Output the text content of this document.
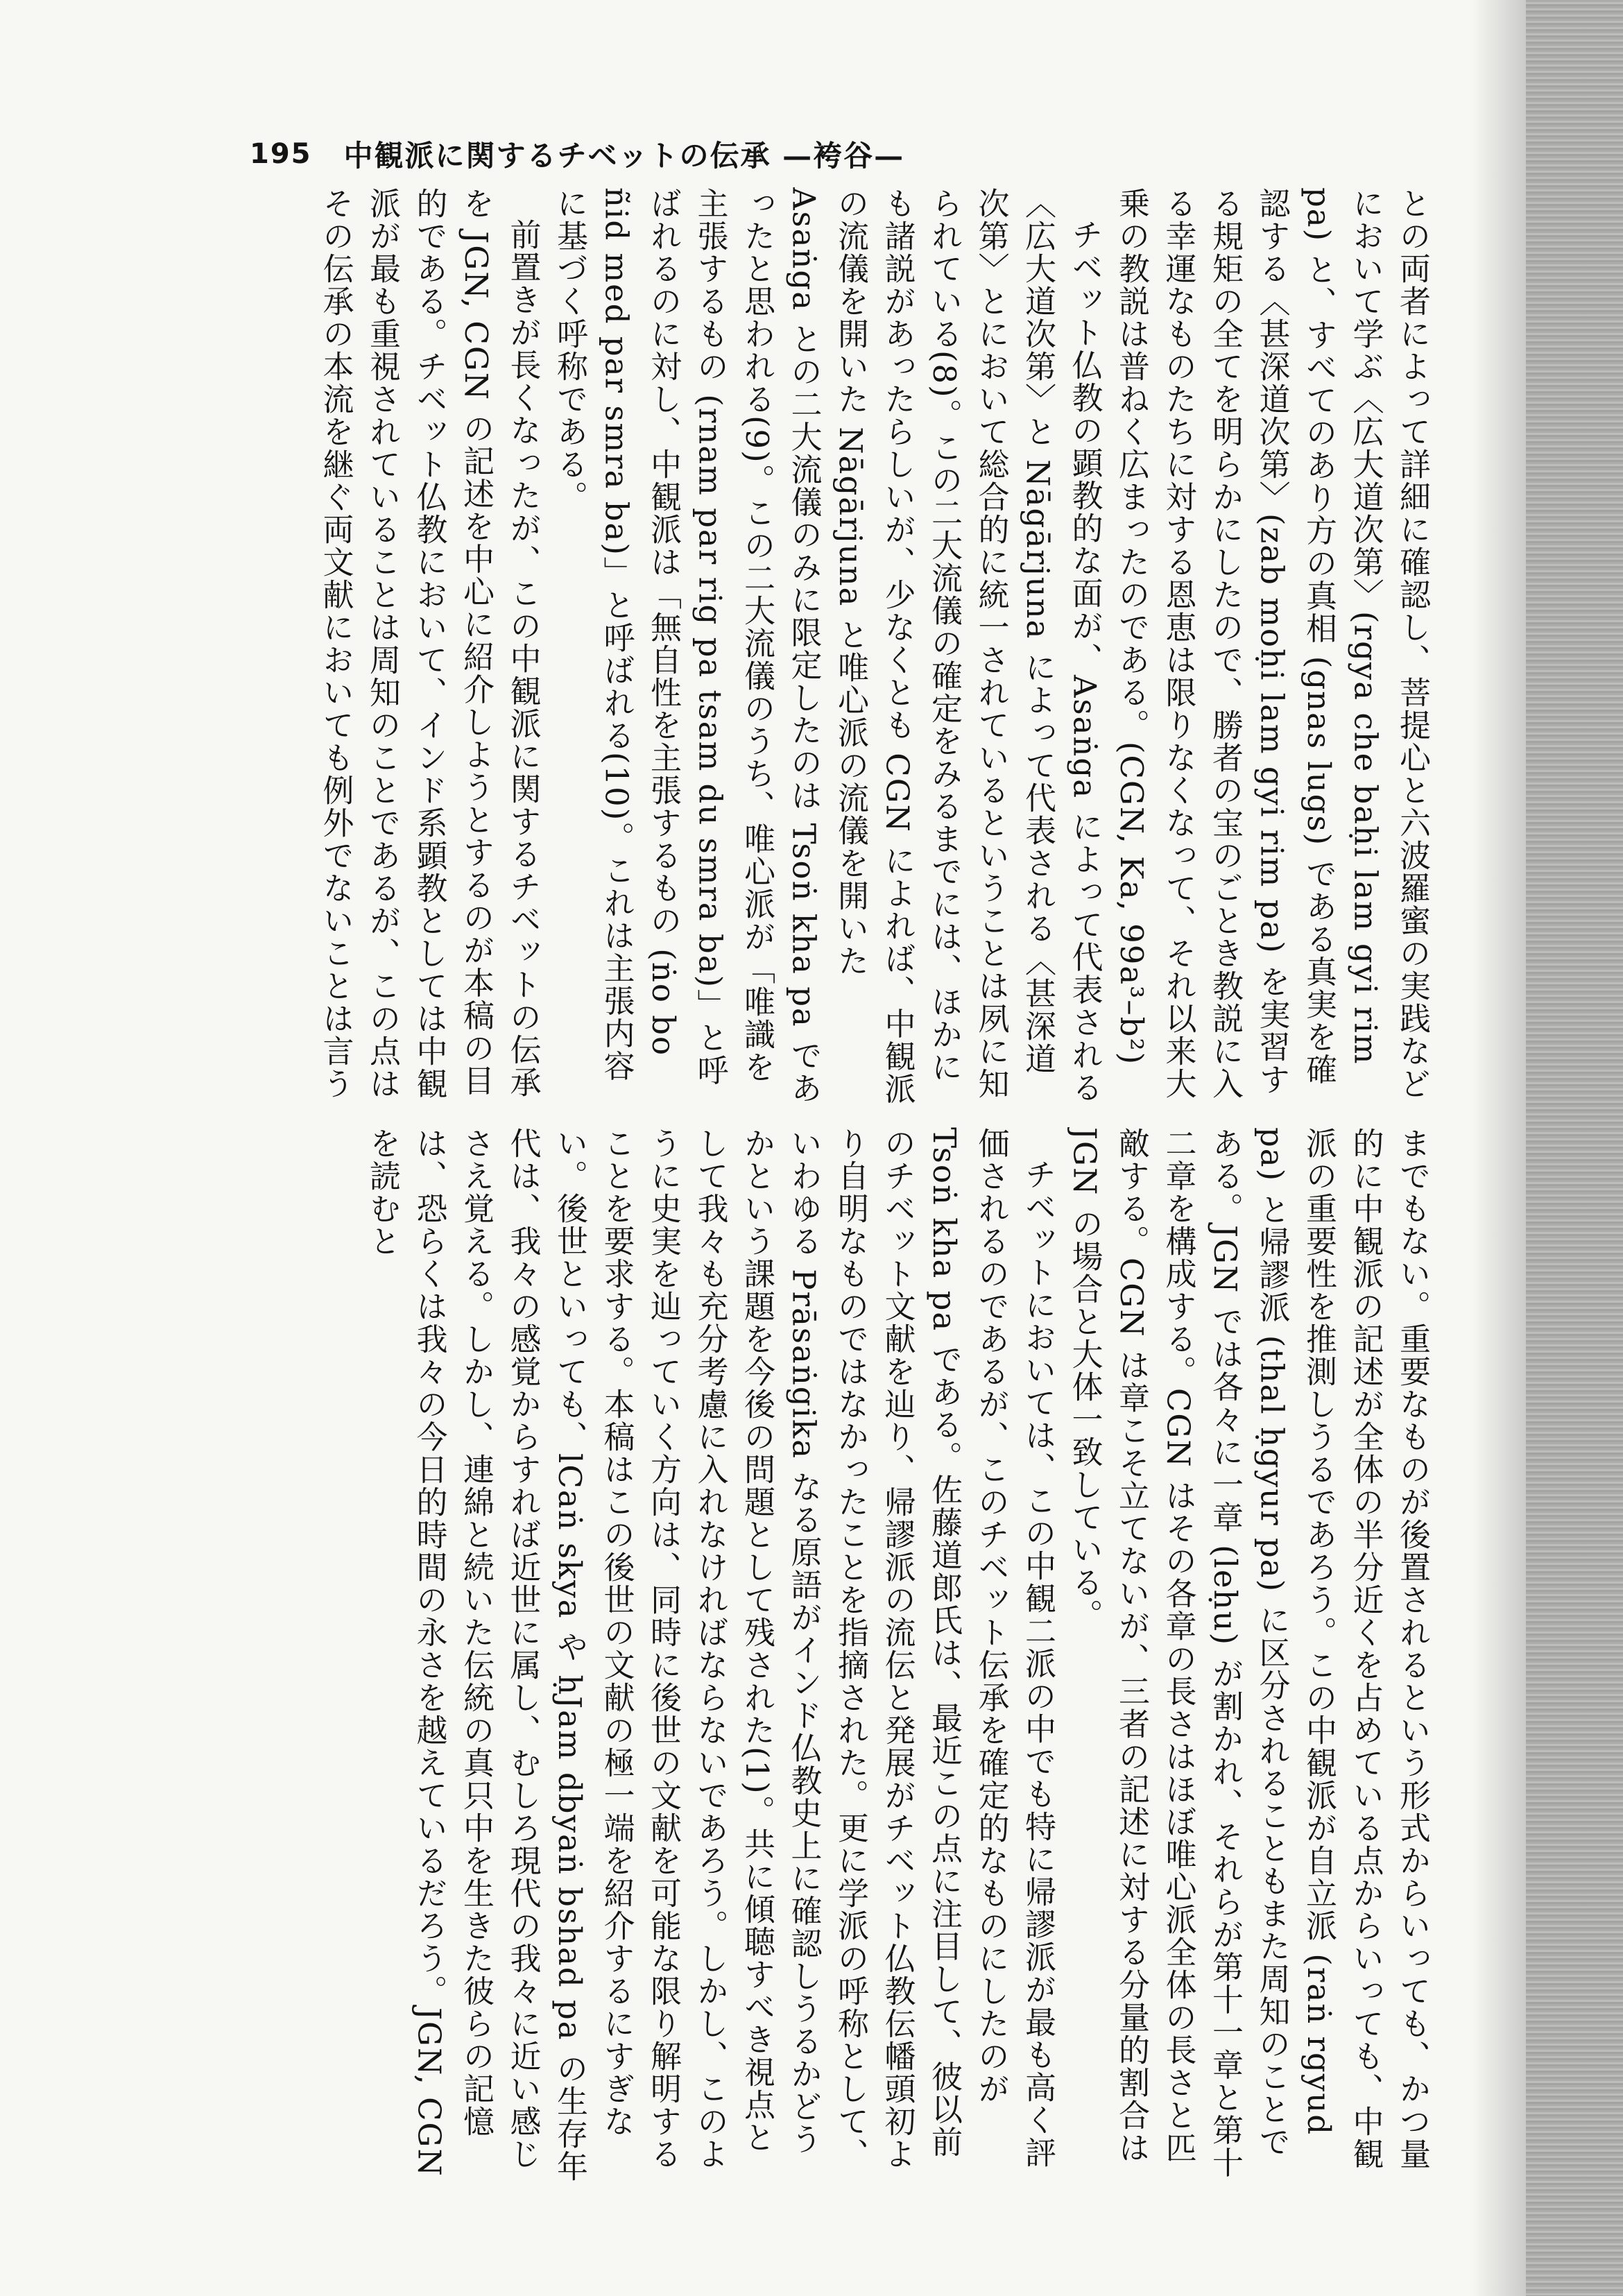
195 中観派に関するチベットの伝承 —袴谷—

との両者によって詳細に確認し、菩提心と六波羅蜜の実践などにおいて学ぶ〈広大道次第〉(rgya che baḥi lam gyi rim pa) と、すべてのあり方の真相 (gnas lugs) である真実を確認する〈甚深道次第〉(zab moḥi lam gyi rim pa) を実習する規矩の全てを明らかにしたので、勝者の宝のごとき教説に入る幸運なものたちに対する恩恵は限りなくなって、それ以来大乗の教説は普ねく広まったのである。(CGN, Ka, 99a³–b²)

チベット仏教の顕教的な面が、Asaṅga によって代表される〈広大道次第〉と Nāgārjuna によって代表される〈甚深道次第〉とにおいて総合的に統一されているということは夙に知られている(8)。この二大流儀の確定をみるまでには、ほかにも諸説があったらしいが、少なくとも CGN によれば、中観派の流儀を開いた Nāgārjuna と唯心派の流儀を開いた Asaṅga との二大流儀のみに限定したのは Tsoṅ kha pa であったと思われる(9)。この二大流儀のうち、唯心派が「唯識を主張するもの (rnam par rig pa tsam du smra ba)」と呼ばれるのに対し、中観派は「無自性を主張するもの (ṅo bo ñid med par smra ba)」と呼ばれる(10)。これは主張内容に基づく呼称である。

前置きが長くなったが、この中観派に関するチベットの伝承を JGN, CGN の記述を中心に紹介しようとするのが本稿の目的である。チベット仏教において、インド系顕教としては中観派が最も重視されていることは周知のことであるが、この点はその伝承の本流を継ぐ両文献においても例外でないことは言う

までもない。重要なものが後置されるという形式からいっても、かつ量的に中観派の記述が全体の半分近くを占めている点からいっても、中観派の重要性を推測しうるであろう。この中観派が自立派 (raṅ rgyud pa) と帰謬派 (thal ḥgyur pa) に区分されることもまた周知のことである。JGN では各々に一章 (leḥu) が割かれ、それらが第十一章と第十二章を構成する。CGN はその各章の長さはほぼ唯心派全体の長さと匹敵する。CGN は章こそ立てないが、三者の記述に対する分量的割合は JGN の場合と大体一致している。

チベットにおいては、この中観二派の中でも特に帰謬派が最も高く評価されるのであるが、このチベット伝承を確定的なものにしたのが Tsoṅ kha pa である。佐藤道郎氏は、最近この点に注目して、彼以前のチベット文献を辿り、帰謬派の流伝と発展がチベット仏教伝幡頭初より自明なものではなかったことを指摘された。更に学派の呼称として、いわゆる Prāsaṅgika なる原語がインド仏教史上に確認しうるかどうかという課題を今後の問題として残された(1)。共に傾聴すべき視点として我々も充分考慮に入れなければならないであろう。しかし、このように史実を辿っていく方向は、同時に後世の文献を可能な限り解明することを要求する。本稿はこの後世の文献の極一端を紹介するにすぎない。後世といっても、lCaṅ skya や ḥJam dbyaṅ bshad pa の生存年代は、我々の感覚からすれば近世に属し、むしろ現代の我々に近い感じさえ覚える。しかし、連綿と続いた伝統の真只中を生きた彼らの記憶は、恐らくは我々の今日的時間の永さを越えているだろう。JGN, CGN を読むと
